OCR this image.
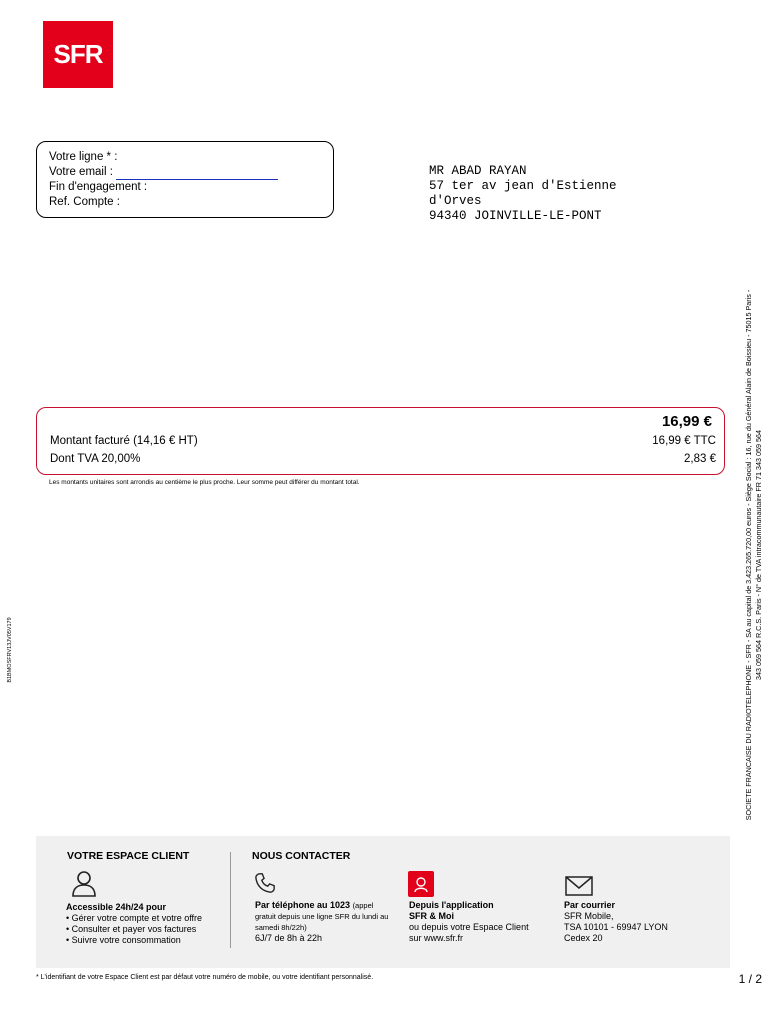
SFR
Votre ligne * :
Votre email :
Fin d'engagement :
Ref. Compte :
MR ABAD RAYAN
57 ter av jean d'Estienne
d'Orves
94340 JOINVILLE-LE-PONT
SOCIETE FRANCAISE DU RADIOTELEPHONE - SFR - SA au capital de 3.423.265.720,00 euros - Siège Social : 16, rue du Général Alain de Boissieu - 75015 Paris - 343 059 564 R.C.S. Paris - N° de TVA intracommunautaire FR 71 343 059 564
B1BMOSFRV13JV05V179
16,99 €
Montant facturé (14,16 € HT)	16,99 € TTC
Dont TVA 20,00%	2,83 €
Les montants unitaires sont arrondis au centième le plus proche. Leur somme peut différer du montant total.
VOTRE ESPACE CLIENT	NOUS CONTACTER
Accessible 24h/24 pour
• Gérer votre compte et votre offre
• Consulter et payer vos factures
• Suivre votre consommation
Par téléphone au 1023 (appel
gratuit depuis une ligne SFR du lundi au
samedi 8h/22h)
6J/7 de 8h à 22h
Depuis l'application
SFR & Moi
ou depuis votre Espace Client
sur www.sfr.fr
Par courrier
SFR Mobile,
TSA 10101 - 69947 LYON
Cedex 20
* L'identifiant de votre Espace Client est par défaut votre numéro de mobile, ou votre identifiant personnalisé.	1 / 2
